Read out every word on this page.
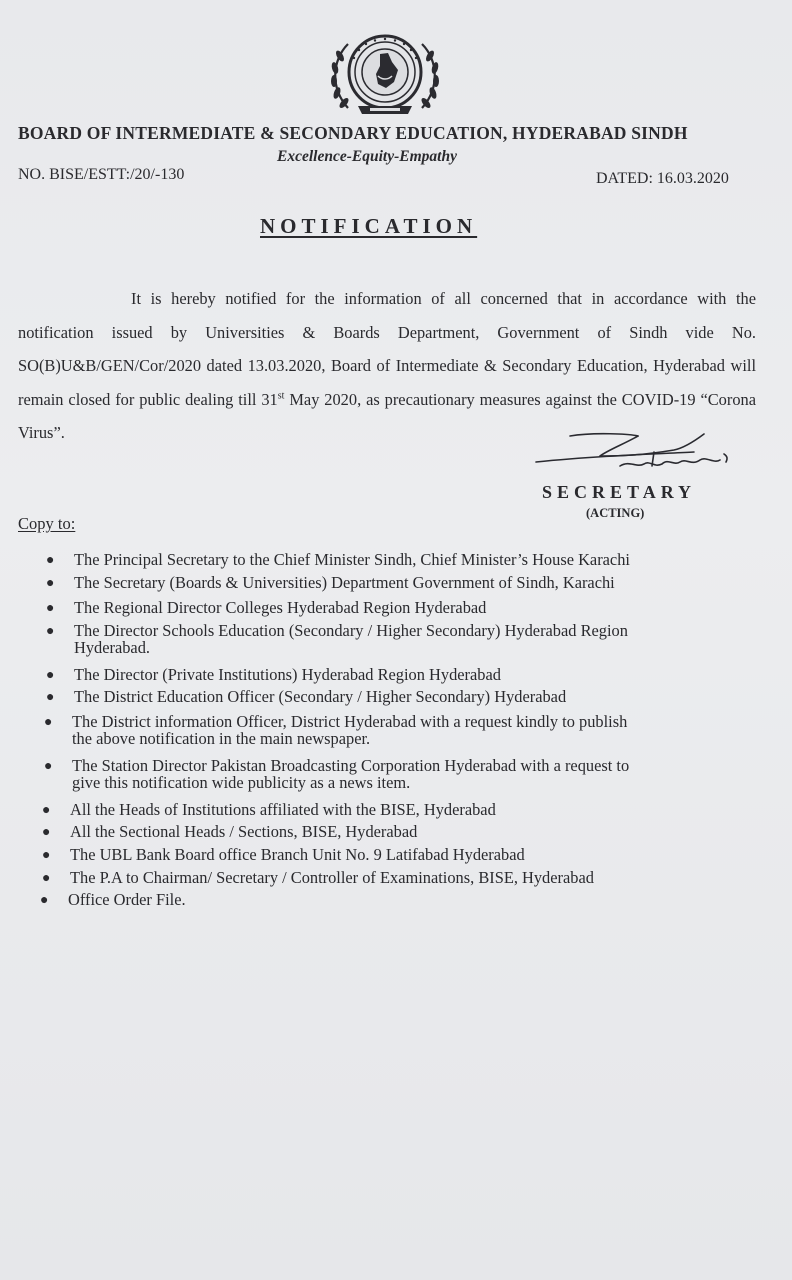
BOARD OF INTERMEDIATE & SECONDARY EDUCATION, HYDERABAD SINDH
Excellence-Equity-Empathy
NO. BISE/ESTT:/20/-130	DATED: 16.03.2020
NOTIFICATION

It is hereby notified for the information of all concerned that in accordance with the notification issued by Universities & Boards Department, Government of Sindh vide No. SO(B)U&B/GEN/Cor/2020 dated 13.03.2020, Board of Intermediate & Secondary Education, Hyderabad will remain closed for public dealing till 31st May 2020, as precautionary measures against the COVID-19 “Corona Virus”.

SECRETARY
(ACTING)
Copy to:
● The Principal Secretary to the Chief Minister Sindh, Chief Minister’s House Karachi
● The Secretary (Boards & Universities) Department Government of Sindh, Karachi
● The Regional Director Colleges Hyderabad Region Hyderabad
● The Director Schools Education (Secondary / Higher Secondary) Hyderabad Region
Hyderabad.
● The Director (Private Institutions) Hyderabad Region Hyderabad
● The District Education Officer (Secondary / Higher Secondary) Hyderabad
● The District information Officer, District Hyderabad with a request kindly to publish
the above notification in the main newspaper.
● The Station Director Pakistan Broadcasting Corporation Hyderabad with a request to
give this notification wide publicity as a news item.
● All the Heads of Institutions affiliated with the BISE, Hyderabad
● All the Sectional Heads / Sections, BISE, Hyderabad
● The UBL Bank Board office Branch Unit No. 9 Latifabad Hyderabad
● The P.A to Chairman/ Secretary / Controller of Examinations, BISE, Hyderabad
● Office Order File.
